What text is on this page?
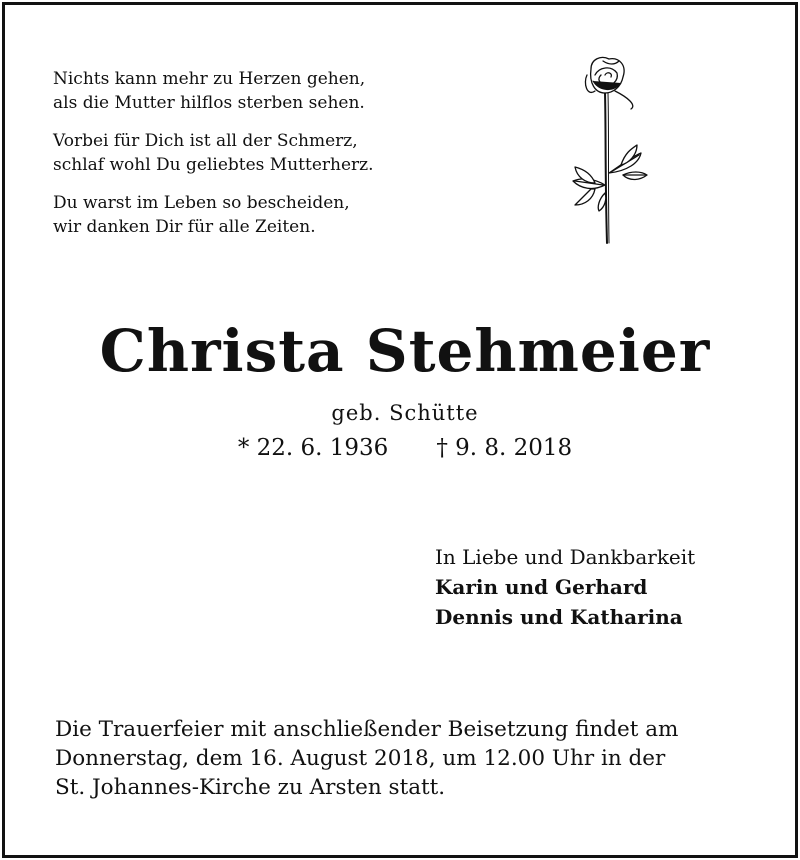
Nichts kann mehr zu Herzen gehen,
als die Mutter hilflos sterben sehen.
Vorbei für Dich ist all der Schmerz,
schlaf wohl Du geliebtes Mutterherz.
Du warst im Leben so bescheiden,
wir danken Dir für alle Zeiten.
Christa Stehmeier
geb. Schütte
* 22. 6. 1936 † 9. 8. 2018
In Liebe und Dankbarkeit
Karin und Gerhard
Dennis und Katharina
Die Trauerfeier mit anschließender Beisetzung findet am
Donnerstag, dem 16. August 2018, um 12.00 Uhr in der
St. Johannes-Kirche zu Arsten statt.
